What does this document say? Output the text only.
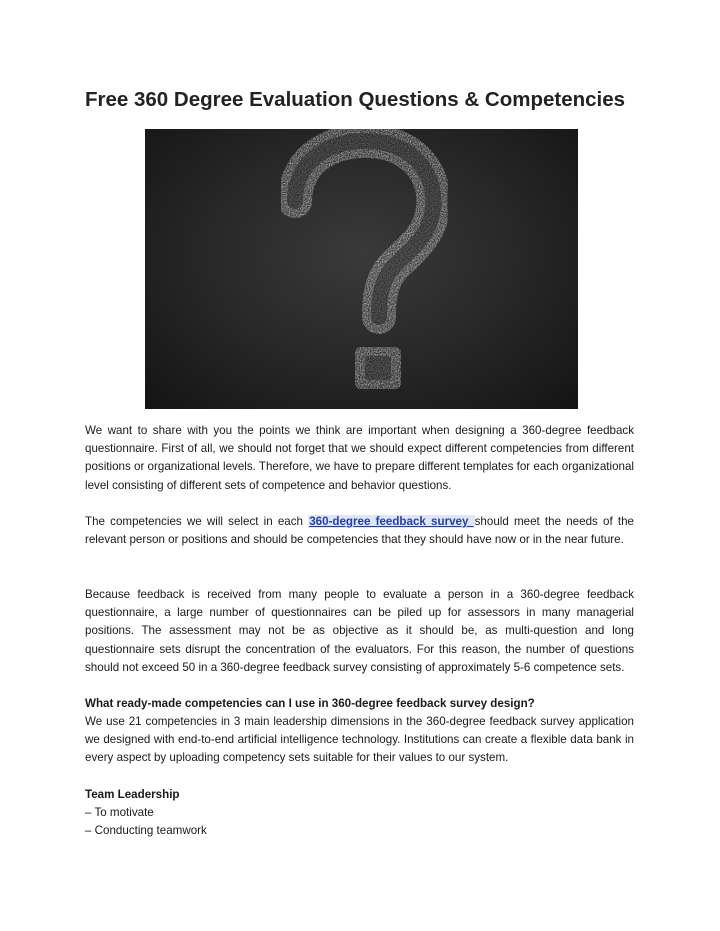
Free 360 Degree Evaluation Questions & Competencies

We want to share with you the points we think are important when designing a 360-degree feedback questionnaire. First of all, we should not forget that we should expect different competencies from different positions or organizational levels. Therefore, we have to prepare different templates for each organizational level consisting of different sets of competence and behavior questions.

The competencies we will select in each 360-degree feedback survey should meet the needs of the relevant person or positions and should be competencies that they should have now or in the near future.

Because feedback is received from many people to evaluate a person in a 360-degree feedback questionnaire, a large number of questionnaires can be piled up for assessors in many managerial positions. The assessment may not be as objective as it should be, as multi-question and long questionnaire sets disrupt the concentration of the evaluators. For this reason, the number of questions should not exceed 50 in a 360-degree feedback survey consisting of approximately 5-6 competence sets.

What ready-made competencies can I use in 360-degree feedback survey design?

We use 21 competencies in 3 main leadership dimensions in the 360-degree feedback survey application we designed with end-to-end artificial intelligence technology. Institutions can create a flexible data bank in every aspect by uploading competency sets suitable for their values to our system.

Team Leadership
– To motivate
– Conducting teamwork
